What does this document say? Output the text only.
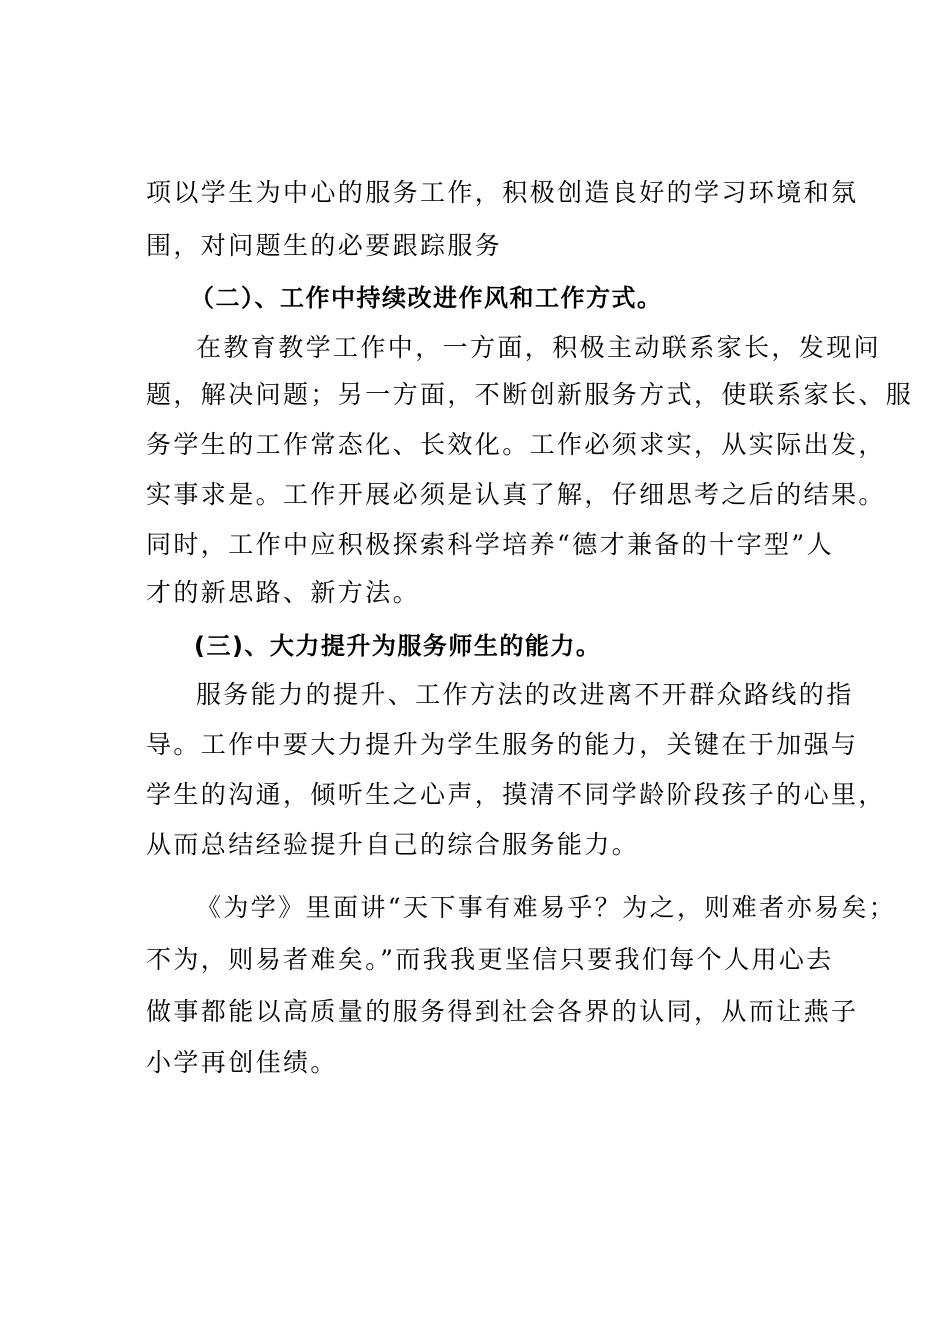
项以学生为中心的服务工作，积极创造良好的学习环境和氛
围，对问题生的必要跟踪服务
（二）、工作中持续改进作风和工作方式。
在教育教学工作中，一方面，积极主动联系家长，发现问
题，解决问题；另一方面，不断创新服务方式，使联系家长、服
务学生的工作常态化、长效化。工作必须求实，从实际出发，
实事求是。工作开展必须是认真了解，仔细思考之后的结果。
同时，工作中应积极探索科学培养“德才兼备的十字型”人
才的新思路、新方法。
(三)、大力提升为服务师生的能力。
服务能力的提升、工作方法的改进离不开群众路线的指
导。工作中要大力提升为学生服务的能力，关键在于加强与
学生的沟通，倾听生之心声，摸清不同学龄阶段孩子的心里，
从而总结经验提升自己的综合服务能力。
《为学》里面讲“天下事有难易乎？为之，则难者亦易矣；
不为，则易者难矣。”而我我更坚信只要我们每个人用心去
做事都能以高质量的服务得到社会各界的认同，从而让燕子
小学再创佳绩。
